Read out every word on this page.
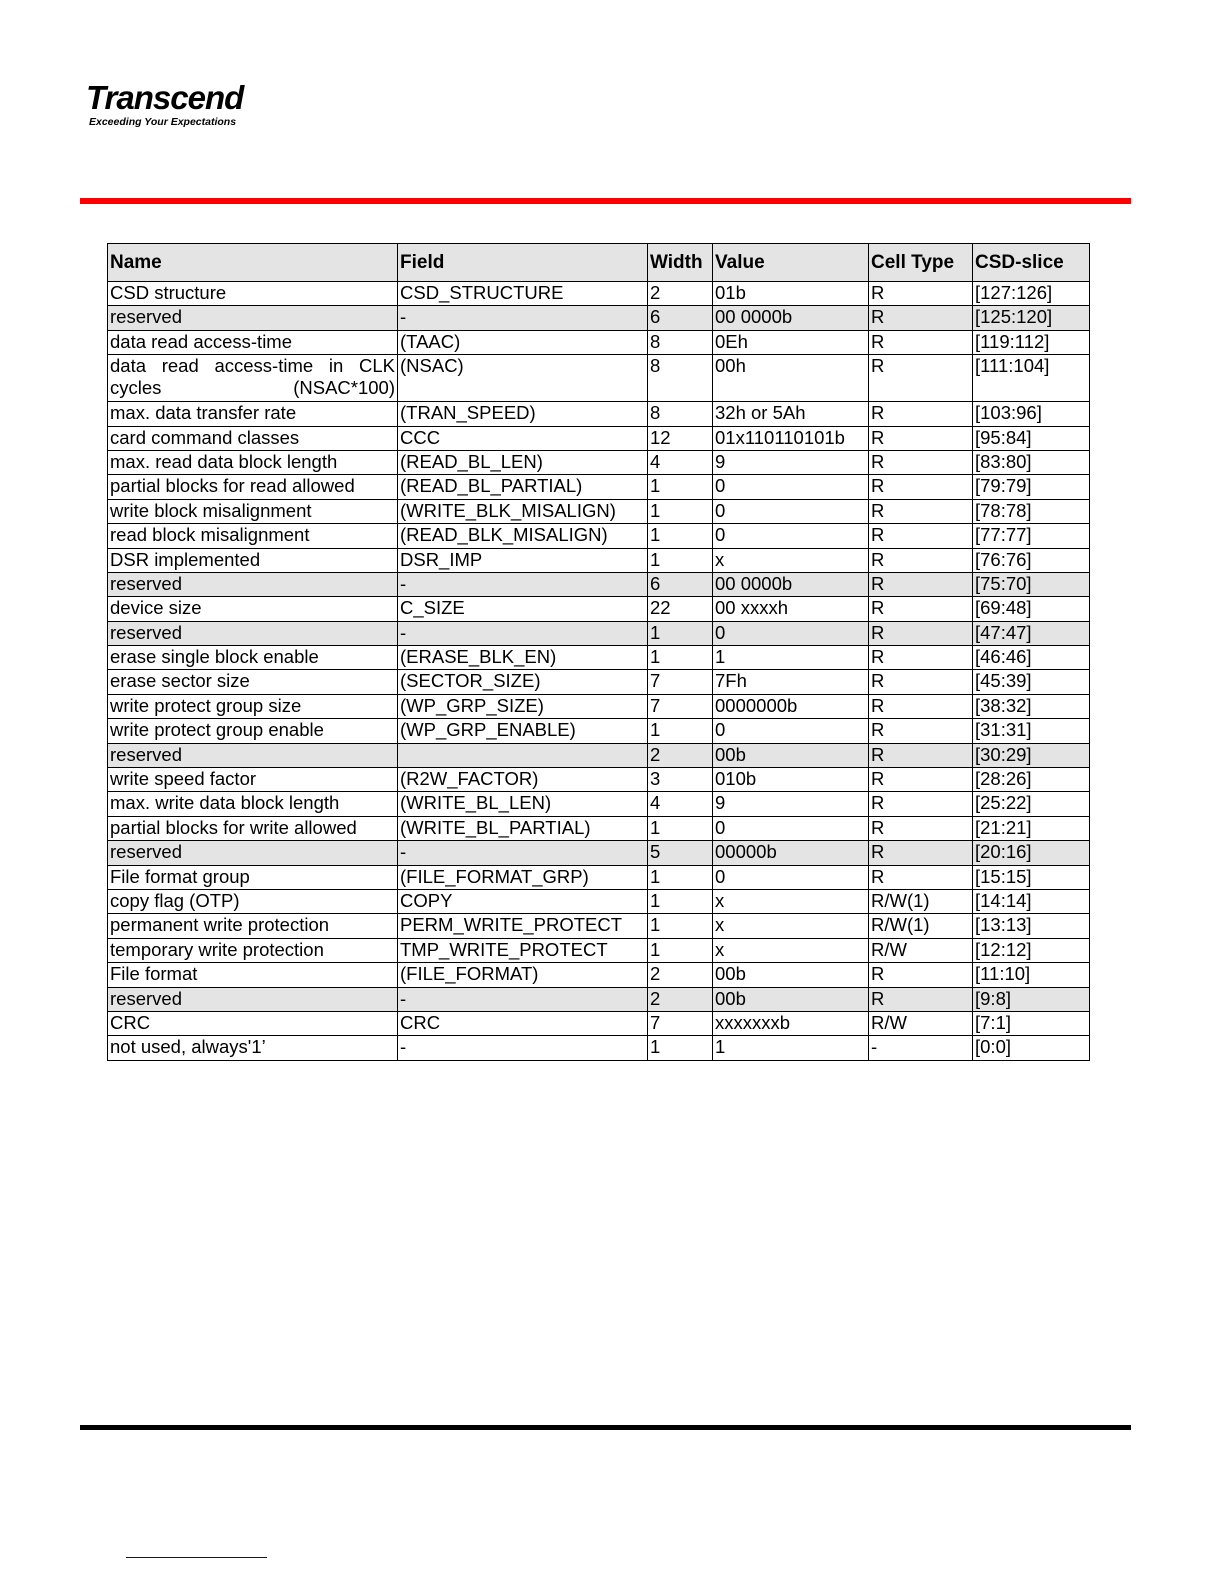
Transcend
Exceeding Your Expectations
Name	Field	Width	Value	Cell Type	CSD-slice
CSD structure	CSD_STRUCTURE	2	01b	R	[127:126]
reserved	-	6	00 0000b	R	[125:120]
data read access-time	(TAAC)	8	0Eh	R	[119:112]

data read access-time in CLK cycles (NSAC*100)	(NSAC)	8	00h	R	[111:104]
max. data transfer rate	(TRAN_SPEED)	8	32h or 5Ah	R	[103:96]
card command classes	CCC	12	01x110110101b	R	[95:84]
max. read data block length	(READ_BL_LEN)	4	9	R	[83:80]
partial blocks for read allowed	(READ_BL_PARTIAL)	1	0	R	[79:79]
write block misalignment	(WRITE_BLK_MISALIGN)	1	0	R	[78:78]
read block misalignment	(READ_BLK_MISALIGN)	1	0	R	[77:77]
DSR implemented	DSR_IMP	1	x	R	[76:76]
reserved	-	6	00 0000b	R	[75:70]
device size	C_SIZE	22	00 xxxxh	R	[69:48]
reserved	-	1	0	R	[47:47]
erase single block enable	(ERASE_BLK_EN)	1	1	R	[46:46]
erase sector size	(SECTOR_SIZE)	7	7Fh	R	[45:39]
write protect group size	(WP_GRP_SIZE)	7	0000000b	R	[38:32]
write protect group enable	(WP_GRP_ENABLE)	1	0	R	[31:31]
reserved		2	00b	R	[30:29]
write speed factor	(R2W_FACTOR)	3	010b	R	[28:26]
max. write data block length	(WRITE_BL_LEN)	4	9	R	[25:22]
partial blocks for write allowed	(WRITE_BL_PARTIAL)	1	0	R	[21:21]
reserved	-	5	00000b	R	[20:16]
File format group	(FILE_FORMAT_GRP)	1	0	R	[15:15]
copy flag (OTP)	COPY	1	x	R/W(1)	[14:14]
permanent write protection	PERM_WRITE_PROTECT	1	x	R/W(1)	[13:13]
temporary write protection	TMP_WRITE_PROTECT	1	x	R/W	[12:12]
File format	(FILE_FORMAT)	2	00b	R	[11:10]
reserved	-	2	00b	R	[9:8]
CRC	CRC	7	xxxxxxxb	R/W	[7:1]
not used, always'1’	-	1	1	-	[0:0]
